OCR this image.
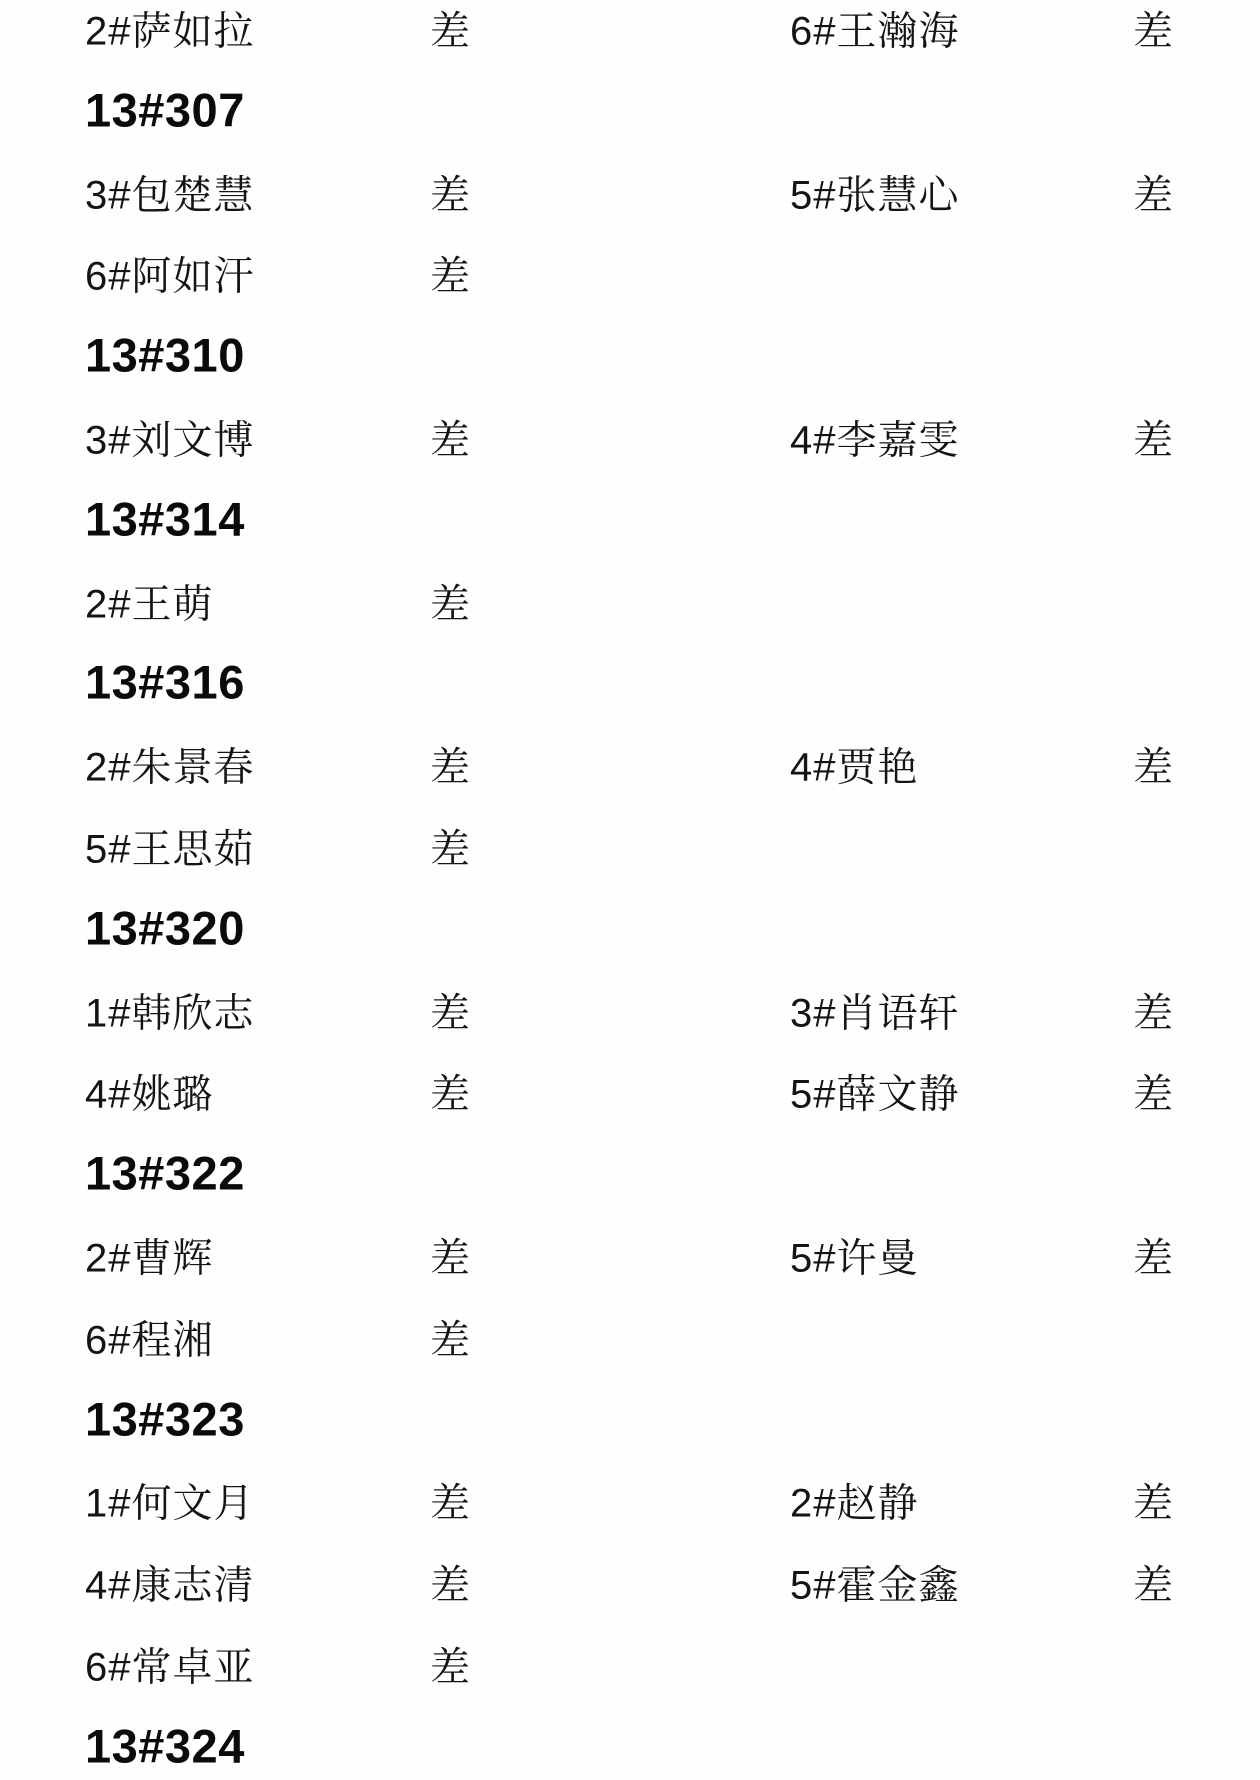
2#萨如拉	差	6#王瀚海	差
13#307
3#包楚慧	差	5#张慧心	差
6#阿如汗	差
13#310
3#刘文博	差	4#李嘉雯	差
13#314
2#王萌	差
13#316
2#朱景春	差	4#贾艳	差
5#王思茹	差
13#320
1#韩欣志	差	3#肖语轩	差
4#姚璐	差	5#薛文静	差
13#322
2#曹辉	差	5#许曼	差
6#程湘	差
13#323
1#何文月	差	2#赵静	差
4#康志清	差	5#霍金鑫	差
6#常卓亚	差
13#324
